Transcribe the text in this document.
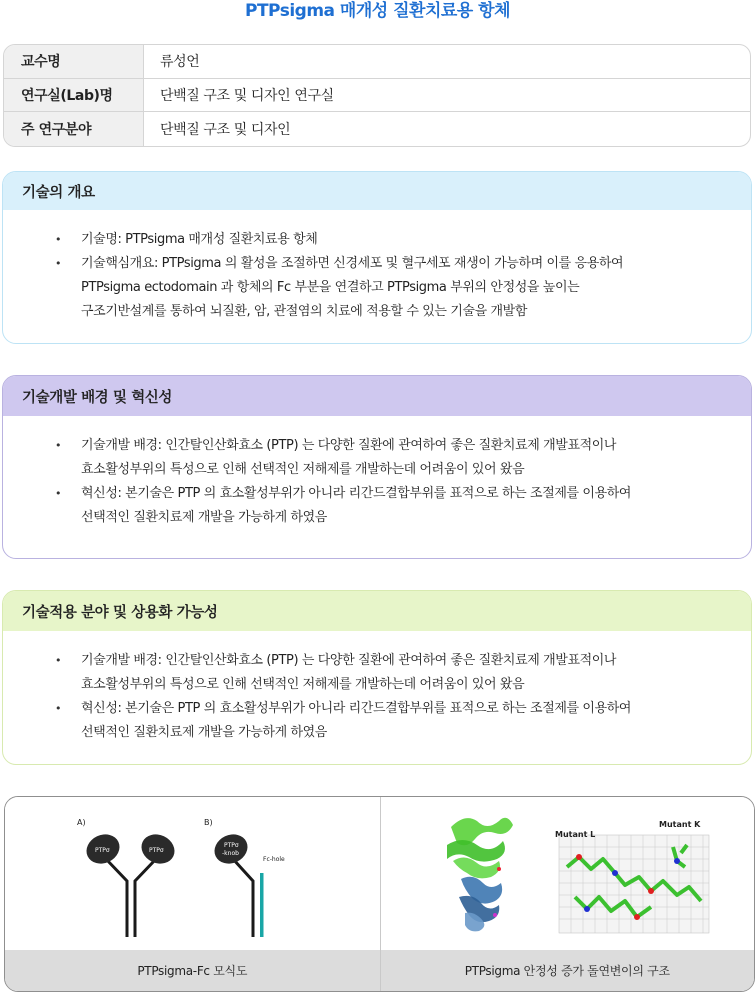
PTPsigma 매개성 질환치료용 항체
교수명	류성언
연구실(Lab)명	단백질 구조 및 디자인 연구실
주 연구분야	단백질 구조 및 디자인
기술의 개요
• 기술명: PTPsigma 매개성 질환치료용 항체
• 기술핵심개요: PTPsigma 의 활성을 조절하면 신경세포 및 혈구세포 재생이 가능하며 이를 응용하여
PTPsigma ectodomain 과 항체의 Fc 부분을 연결하고 PTPsigma 부위의 안정성을 높이는
구조기반설계를 통하여 뇌질환, 암, 관절염의 치료에 적용할 수 있는 기술을 개발함
기술개발 배경 및 혁신성
• 기술개발 배경: 인간탈인산화효소 (PTP) 는 다양한 질환에 관여하여 좋은 질환치료제 개발표적이나
효소활성부위의 특성으로 인해 선택적인 저해제를 개발하는데 어려움이 있어 왔음
• 혁신성: 본기술은 PTP 의 효소활성부위가 아니라 리간드결합부위를 표적으로 하는 조절제를 이용하여
선택적인 질환치료제 개발을 가능하게 하였음
기술적용 분야 및 상용화 가능성
• 기술개발 배경: 인간탈인산화효소 (PTP) 는 다양한 질환에 관여하여 좋은 질환치료제 개발표적이나
효소활성부위의 특성으로 인해 선택적인 저해제를 개발하는데 어려움이 있어 왔음
• 혁신성: 본기술은 PTP 의 효소활성부위가 아니라 리간드결합부위를 표적으로 하는 조절제를 이용하여
선택적인 질환치료제 개발을 가능하게 하였음
A)	B)
PTPσ	PTPσ
PTPσ
-knob
Fc-hole
PTPsigma-Fc 모식도
Mutant L
Mutant K
PTPsigma 안정성 증가 돌연변이의 구조
